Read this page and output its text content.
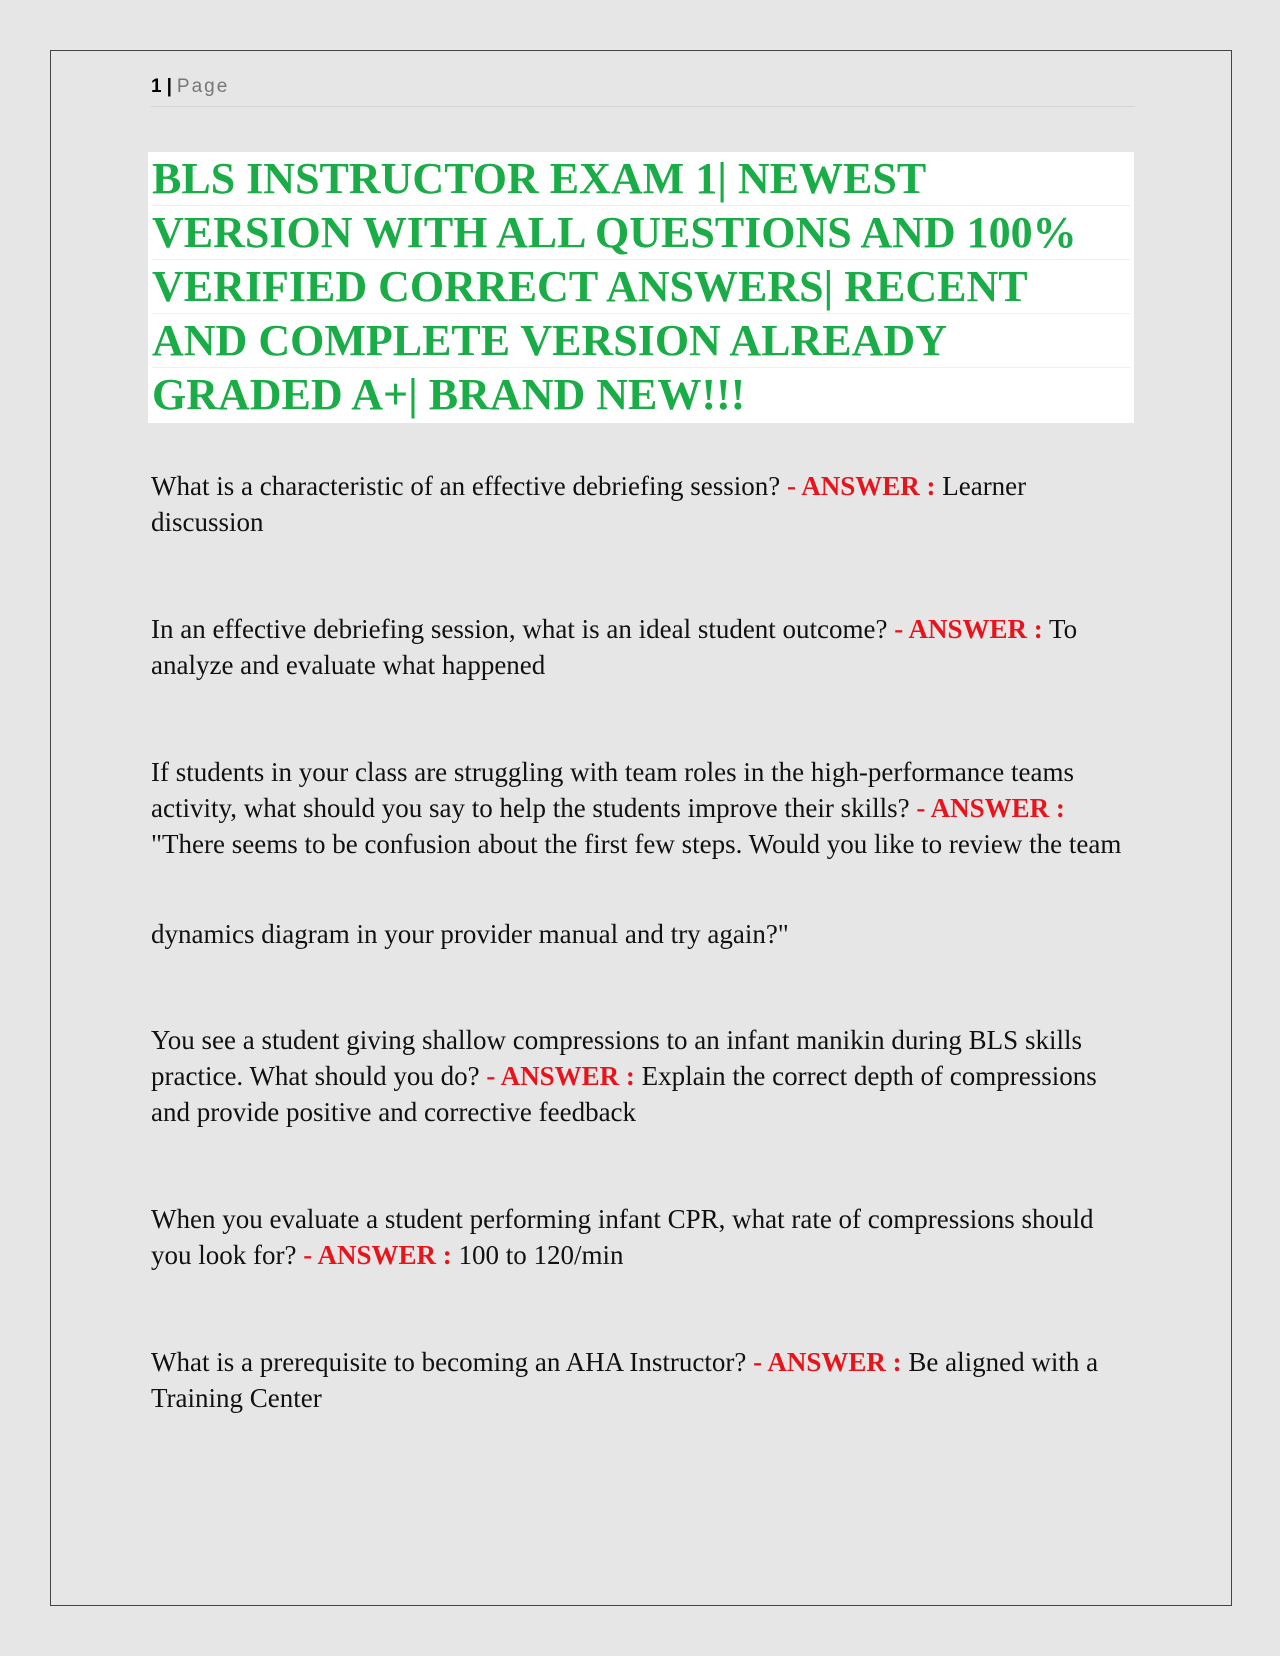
1 | Page
BLS INSTRUCTOR EXAM 1| NEWEST
VERSION WITH ALL QUESTIONS AND 100%
VERIFIED CORRECT ANSWERS| RECENT
AND COMPLETE VERSION ALREADY
GRADED A+| BRAND NEW!!!

What is a characteristic of an effective debriefing session? - ANSWER : Learner discussion

In an effective debriefing session, what is an ideal student outcome? - ANSWER : To analyze and evaluate what happened

If students in your class are struggling with team roles in the high-performance teams activity, what should you say to help the students improve their skills? - ANSWER : "There seems to be confusion about the first few steps. Would you like to review the team

dynamics diagram in your provider manual and try again?"

You see a student giving shallow compressions to an infant manikin during BLS skills practice. What should you do? - ANSWER : Explain the correct depth of compressions and provide positive and corrective feedback

When you evaluate a student performing infant CPR, what rate of compressions should you look for? - ANSWER : 100 to 120/min

What is a prerequisite to becoming an AHA Instructor? - ANSWER : Be aligned with a Training Center
